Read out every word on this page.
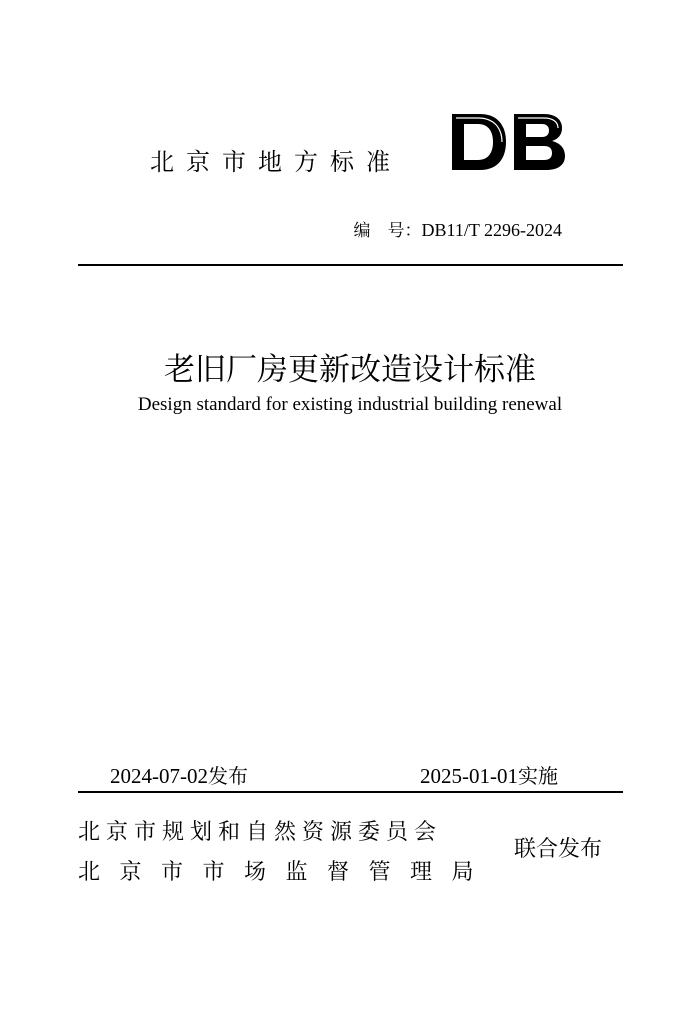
北京市地方标准

编　号：DB11/T 2296-2024

老旧厂房更新改造设计标准

Design standard for existing industrial building renewal

2024-07-02发布	2025-01-01实施

北京市规划和自然资源委员会

北京市市场监督管理局

联合发布
